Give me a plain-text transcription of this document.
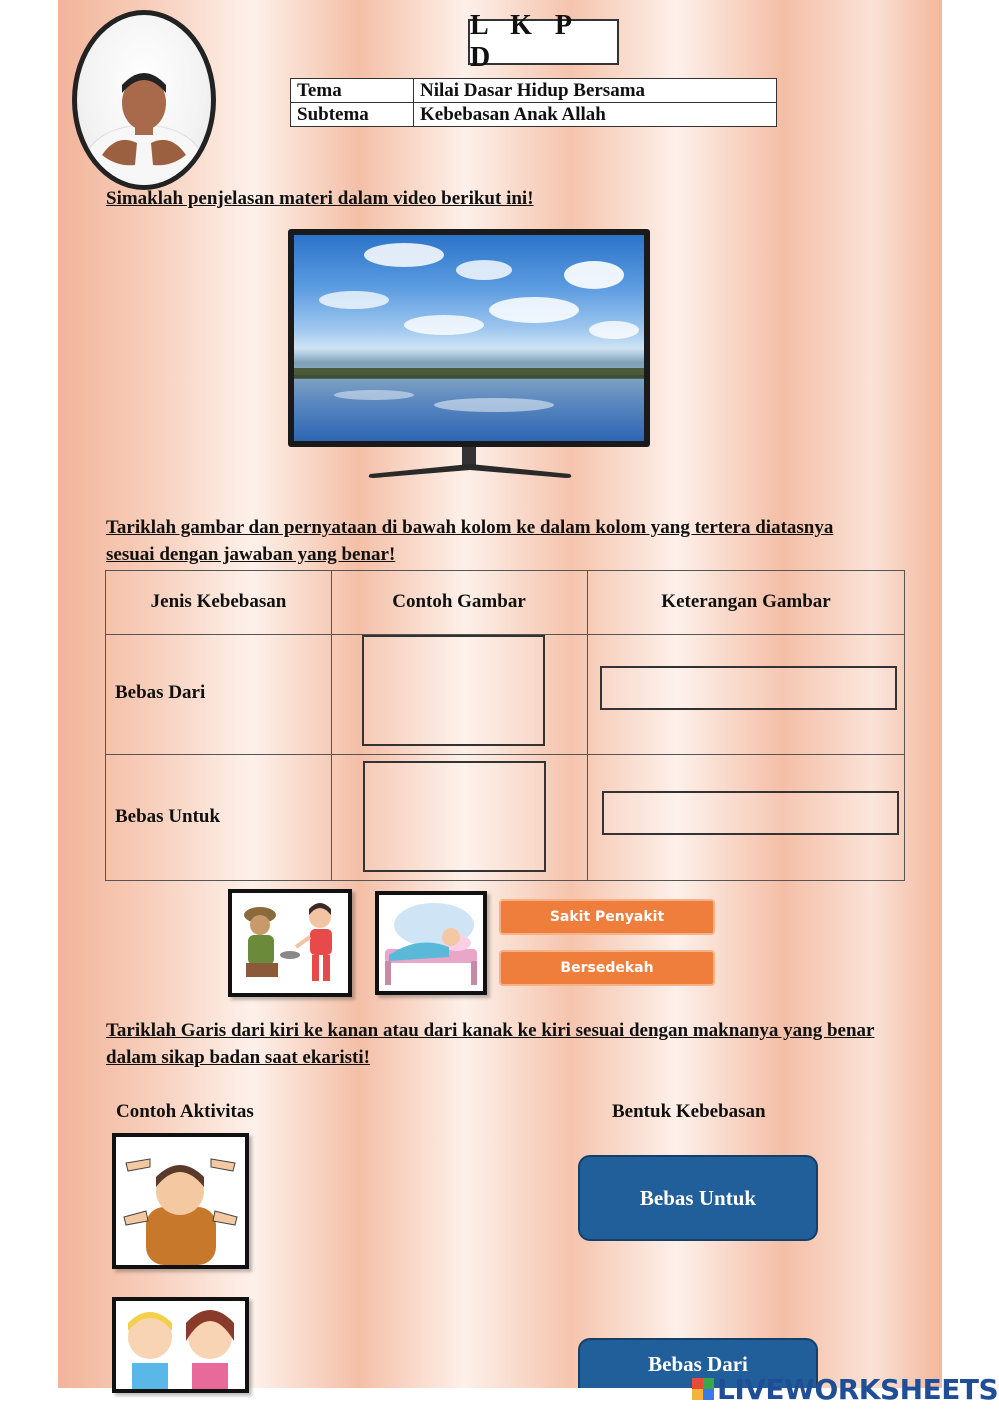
L K P D
Tema	Nilai Dasar Hidup Bersama
Subtema	Kebebasan Anak Allah
Simaklah penjelasan materi dalam video berikut ini!
Tariklah gambar dan pernyataan di bawah kolom ke dalam kolom yang tertera diatasnya
sesuai dengan jawaban yang benar!
Jenis Kebebasan	Contoh Gambar	Keterangan Gambar
Bebas Dari
Bebas Untuk
Sakit Penyakit
Bersedekah
Tariklah Garis dari kiri ke kanan atau dari kanak ke kiri sesuai dengan maknanya yang benar
dalam sikap badan saat ekaristi!
Contoh Aktivitas	Bentuk Kebebasan
Bebas Untuk
Bebas Dari
LIVEWORKSHEETS
